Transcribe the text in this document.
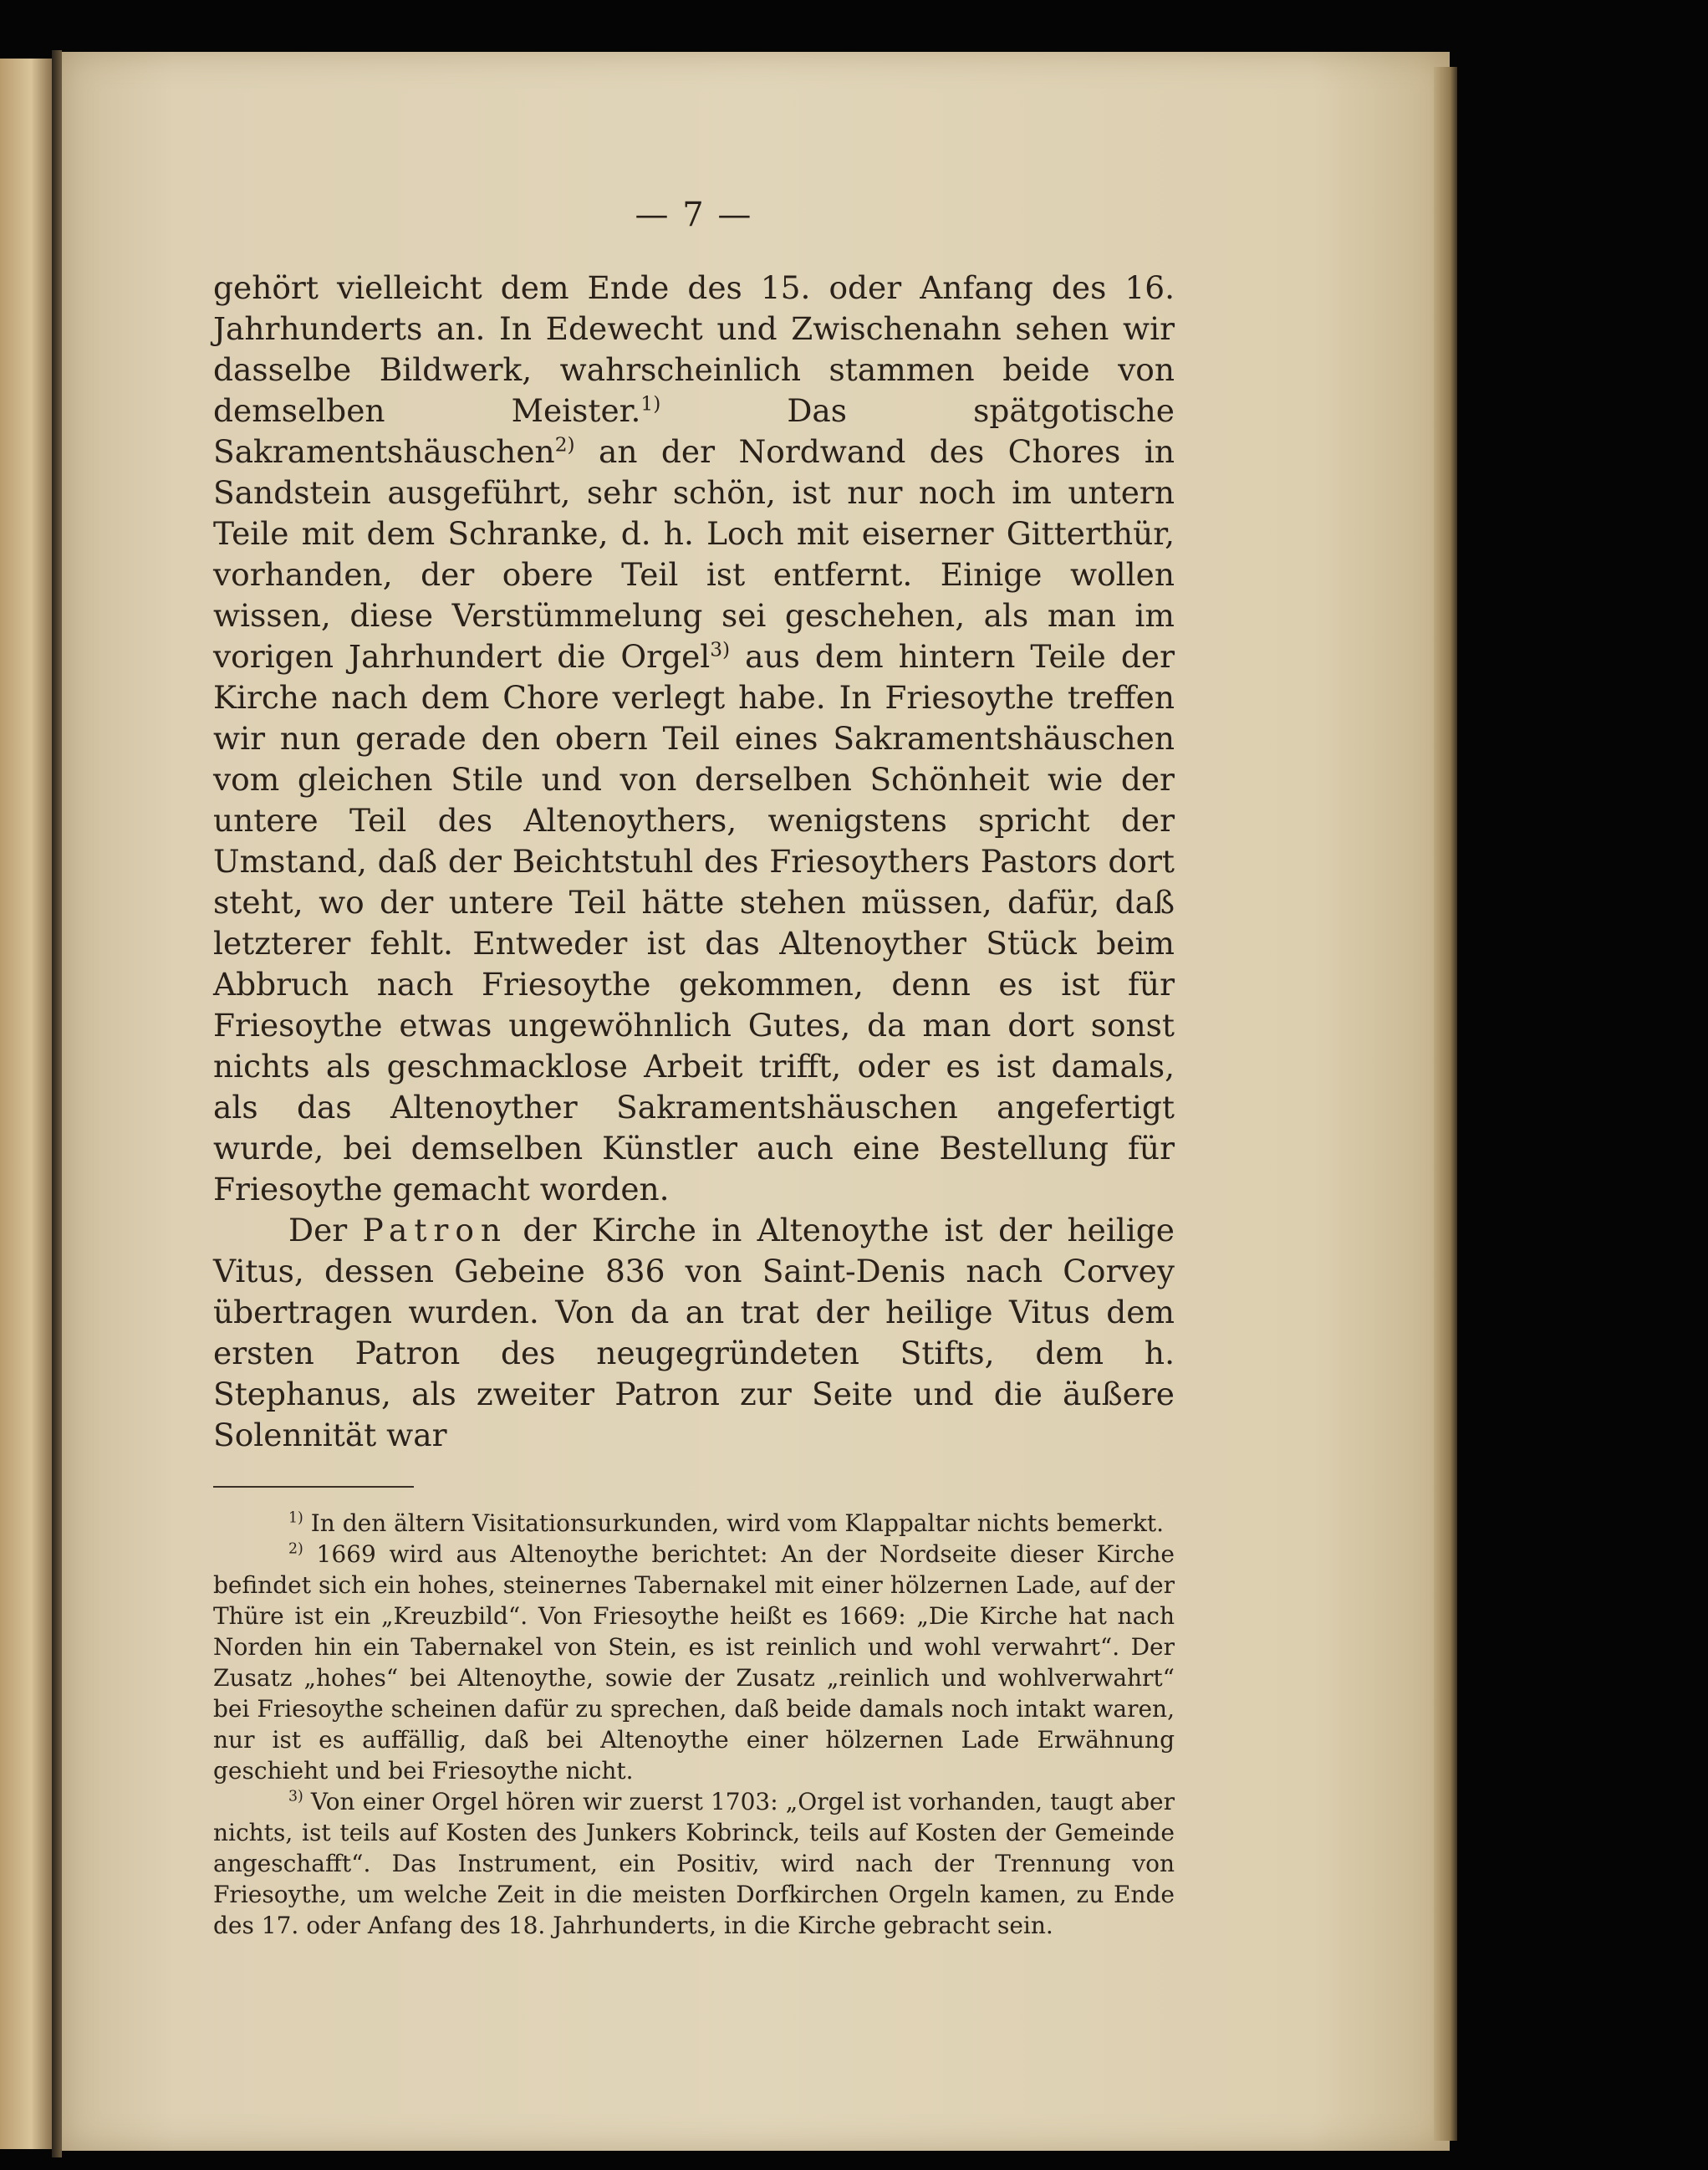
— 7 —

gehört vielleicht dem Ende des 15. oder Anfang des 16. Jahrhunderts an. In Edewecht und Zwischenahn sehen wir dasselbe Bildwerk, wahrscheinlich stammen beide von demselben Meister.$^{1)}$ Das spätgotische Sakramentshäuschen$^{2)}$ an der Nordwand des Chores in Sandstein ausgeführt, sehr schön, ist nur noch im untern Teile mit dem Schranke, d. h. Loch mit eiserner Gitterthür, vorhanden, der obere Teil ist entfernt. Einige wollen wissen, diese Verstümmelung sei geschehen, als man im vorigen Jahrhundert die Orgel$^{3)}$ aus dem hintern Teile der Kirche nach dem Chore verlegt habe. In Friesoythe treffen wir nun gerade den obern Teil eines Sakramentshäuschen vom gleichen Stile und von derselben Schönheit wie der untere Teil des Altenoythers, wenigstens spricht der Umstand, daß der Beichtstuhl des Friesoythers Pastors dort steht, wo der untere Teil hätte stehen müssen, dafür, daß letzterer fehlt. Entweder ist das Altenoyther Stück beim Abbruch nach Friesoythe gekommen, denn es ist für Friesoythe etwas ungewöhnlich Gutes, da man dort sonst nichts als geschmacklose Arbeit trifft, oder es ist damals, als das Altenoyther Sakramentshäuschen angefertigt wurde, bei demselben Künstler auch eine Bestellung für Friesoythe gemacht worden.

Der Patron der Kirche in Altenoythe ist der heilige Vitus, dessen Gebeine 836 von Saint-Denis nach Corvey übertragen wurden. Von da an trat der heilige Vitus dem ersten Patron des neugegründeten Stifts, dem h. Stephanus, als zweiter Patron zur Seite und die äußere Solennität war

$^{1)}$ In den ältern Visitationsurkunden, wird vom Klappaltar nichts bemerkt.

$^{2)}$ 1669 wird aus Altenoythe berichtet: An der Nordseite dieser Kirche befindet sich ein hohes, steinernes Tabernakel mit einer hölzernen Lade, auf der Thüre ist ein „Kreuzbild“. Von Friesoythe heißt es 1669: „Die Kirche hat nach Norden hin ein Tabernakel von Stein, es ist reinlich und wohl verwahrt“. Der Zusatz „hohes“ bei Altenoythe, sowie der Zusatz „reinlich und wohlverwahrt“ bei Friesoythe scheinen dafür zu sprechen, daß beide damals noch intakt waren, nur ist es auffällig, daß bei Altenoythe einer hölzernen Lade Erwähnung geschieht und bei Friesoythe nicht.

$^{3)}$ Von einer Orgel hören wir zuerst 1703: „Orgel ist vorhanden, taugt aber nichts, ist teils auf Kosten des Junkers Kobrinck, teils auf Kosten der Gemeinde angeschafft“. Das Instrument, ein Positiv, wird nach der Trennung von Friesoythe, um welche Zeit in die meisten Dorfkirchen Orgeln kamen, zu Ende des 17. oder Anfang des 18. Jahrhunderts, in die Kirche gebracht sein.
